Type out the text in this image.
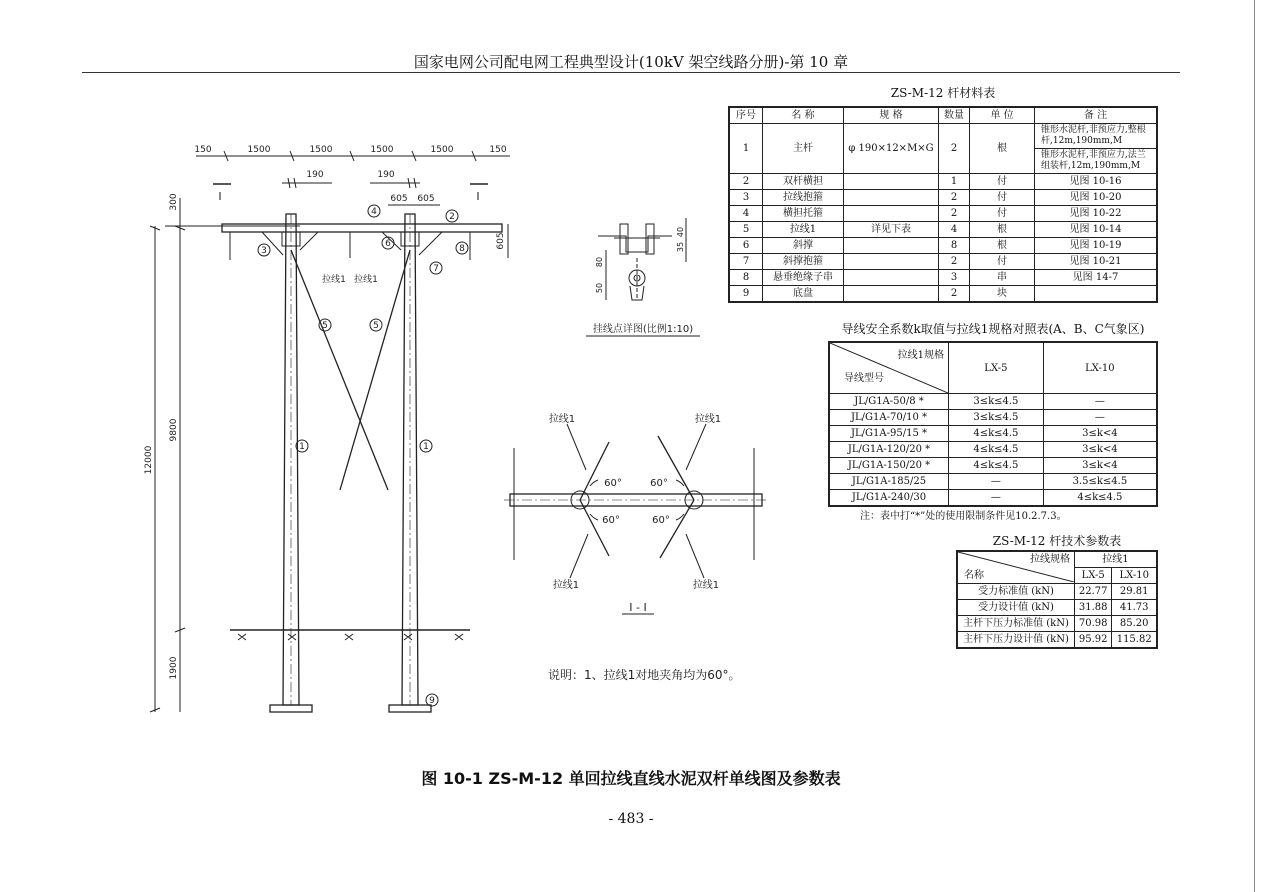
国家电网公司配电网工程典型设计(10kV 架空线路分册)-第 10 章
150	1500	1500	1500	1500	150
190	190
605 605
I	I
300
9800
12000
1900
605
拉线1 拉线1
3
4	2
6
7
8
5	5
1	1
9
35
40
80
50
拉线1	拉线1
拉线1	拉线1
60°	60°
60°	60°
I - I
挂线点详图(比例1:10)
说明：1、拉线1对地夹角均为60°。
ZS-M-12 杆材料表
序号	名 称	规 格	数量	单 位	备 注
1	主杆	φ 190×12×M×G	2	根	锥形水泥杆,非预应力,整根杆,12m,190mm,M
					锥形水泥杆,非预应力,法兰组装杆,12m,190mm,M
2	双杆横担		1	付	见图 10-16
3	拉线抱箍		2	付	见图 10-20
4	横担托箍		2	付	见图 10-22
5	拉线1	详见下表	4	根	见图 10-14
6	斜撑		8	根	见图 10-19
7	斜撑抱箍		2	付	见图 10-21
8	悬垂绝缘子串		3	串	见图 14-7
9	底盘		2	块	
导线安全系数k取值与拉线1规格对照表(A、B、C气象区)
拉线1规格
导线型号	LX-5	LX-10
JL/G1A-50/8 *	3≤k≤4.5	—
JL/G1A-70/10 *	3≤k≤4.5	—
JL/G1A-95/15 *	4≤k≤4.5	3≤k<4
JL/G1A-120/20 *	4≤k≤4.5	3≤k<4
JL/G1A-150/20 *	4≤k≤4.5	3≤k<4
JL/G1A-185/25	—	3.5≤k≤4.5
JL/G1A-240/30	—	4≤k≤4.5
注：表中打“*”处的使用限制条件见10.2.7.3。
ZS-M-12 杆技术参数表
拉线规格
名称	拉线1	
	LX-5	LX-10
受力标准值 (kN)	22.77	29.81
受力设计值 (kN)	31.88	41.73
主杆下压力标准值 (kN)	70.98	85.20
主杆下压力设计值 (kN)	95.92	115.82
图 10-1 ZS-M-12 单回拉线直线水泥双杆单线图及参数表
- 483 -
